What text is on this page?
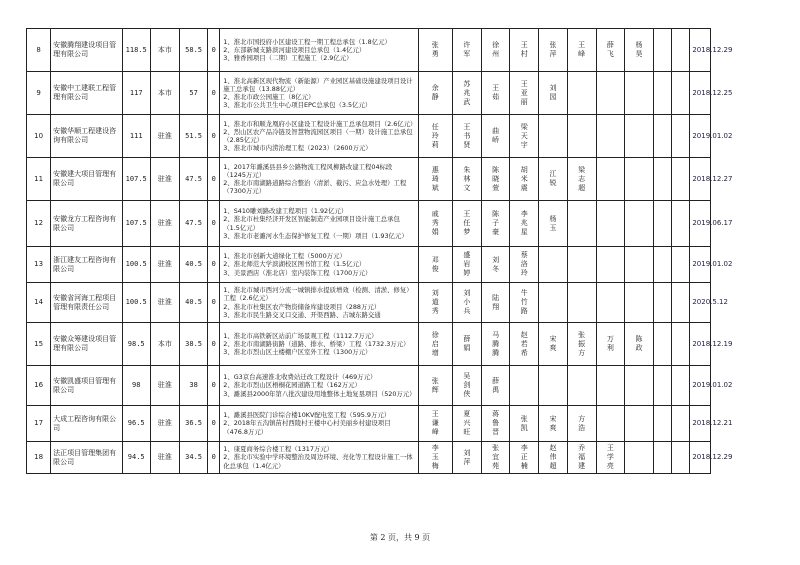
8	安徽腾翔建设项目管理有限公司	118.5	本市	58.5	0	1、淮北市国投府小区建设工程一期工程总承包（1.8亿元）
2、东部新城支路滨河建设项目总承包（1.4亿元）
3、雅香园项目（二期）工程施工（2.9亿元）	张勇	许军	徐州	王村	张萍	王峰	薛飞	杨昊			2018.12.29
9	安徽中工建联工程管理有限公司	117	本市	57	0	1、淮北高新区现代物流（新能源）产业园区基础设施建设项目设计施工总承包（13.88亿元）
2、淮北市政公园施工（8亿元）
3、淮北市公共卫生中心项目EPC总承包（3.5亿元）	余静	苏兆武	王茹	王亚丽	刘园						2018.12.25
10	安徽华顺工程建设咨询有限公司	111	驻淮	51.5	0	1、淮北市和顺龙凰府小区建设工程设计施工总承包项目（2.6亿元）
2、烈山区农产品冷链及智慧物流园区项目（一期）设计施工总承包（2.85亿元）
3、淮北市城市内涝治理工程（2023）（2600万元）	任玲莉	王书贤	曲峤	梁天宇							2019.01.02
11	安徽建大项目管理有限公司	107.5	驻淮	47.5	0	1、2017年濉溪县县乡公路物流工程风柳路改建工程04标段（1245万元）
2、淮北市南湖路道路综合整治（清淤、截污、应急水处理）工程（7300万元）	惠琦斌	朱林文	陈晓萱	胡米震	江锐	梁志超					2018.12.27
12	安徽龙方工程咨询有限公司	107.5	驻淮	47.5	0	1、S410雕刘路改建工程项目（1.92亿元）
2、淮北市杜集经济开发区智能制造产业园项目设计施工总承包（1.5亿元）
3、淮北市老濉河水生态保护修复工程（一期）项目（1.93亿元）	戚秀娟	王任梦	陈子豪	李兆星	杨玉						2019.06.17
13	浙江建友工程咨询有限公司	100.5	驻淮	40.5	0	1、淮北市创新大道绿化工程（5000万元）
2、淮北师范大学滨湖校区图书馆工程（1.5亿元）
3、美景酒店（淮北店）室内装饰工程（1700万元）	邓俊	盛岩婷	刘冬	蔡洛玲							2019.01.02
14	安徽省河海工程项目管理有限责任公司	100.5	驻淮	40.5	0	1、淮北市城市西河分流一城镇排水提质增效（检测、清淤、修复）工程（2.6亿元）
2、淮北市杜集区农产物资储备库建设项目（288万元）
3、淮北市民生路交叉口交通、开渠西路、吉城东路交通	刘道秀	刘小兵	陆翔	牛竹路							2020.5.12
15	安徽众筹建设项目管理有限公司	98.5	本市	38.5	0	1、淮北市高铁新区站前广场景观工程（1112.7万元）
2、淮北市南湖路街路（道路、排水、桥梁）工程（1732.3万元）
3、淮北市烈山区土楼棚户区室外工程（1300万元）	徐启增	薛娟	马腾腾	赵若希	宋爽	张振方	万利	陈政			2018.12.19
16	安徽凯盛项目管理有限公司	98	驻淮	38	0	1、G3京台高速淮北收费站迁改工程设计（469万元）
2、淮北市烈山区梧桐花园道路工程（162万元）
3、濉溪县2000年第八批次建设用地整体土地复垦项目（520万元）	张辉	吴剑侠	薛禹								2019.01.02
17	大成工程咨询有限公司	96.5	驻淮	36.5	0	1、濉溪县医院门诊综合楼10KV配电室工程（595.9万元）
2、2018年五沟镇苗村西陵村王楼中心村美丽乡村建设项目（476.8万元）	王谦峰	夏兴旺	蒋鲁晋	张凯	宋爽	方浩					2018.12.21
18	法正项目管理集团有限公司	94.5	驻淮	34.5	0	1、康夏商务综合楼工程（1317万元）
2、淮北市实验中学环境整治及周边环境、亮化等工程设计施工一体化总承包（1.4亿元）	李玉梅	刘萍	张宜苑	李正楠	赵伟超	乔福建	王学亮				2018.12.29
第 2 页，共 9 页
